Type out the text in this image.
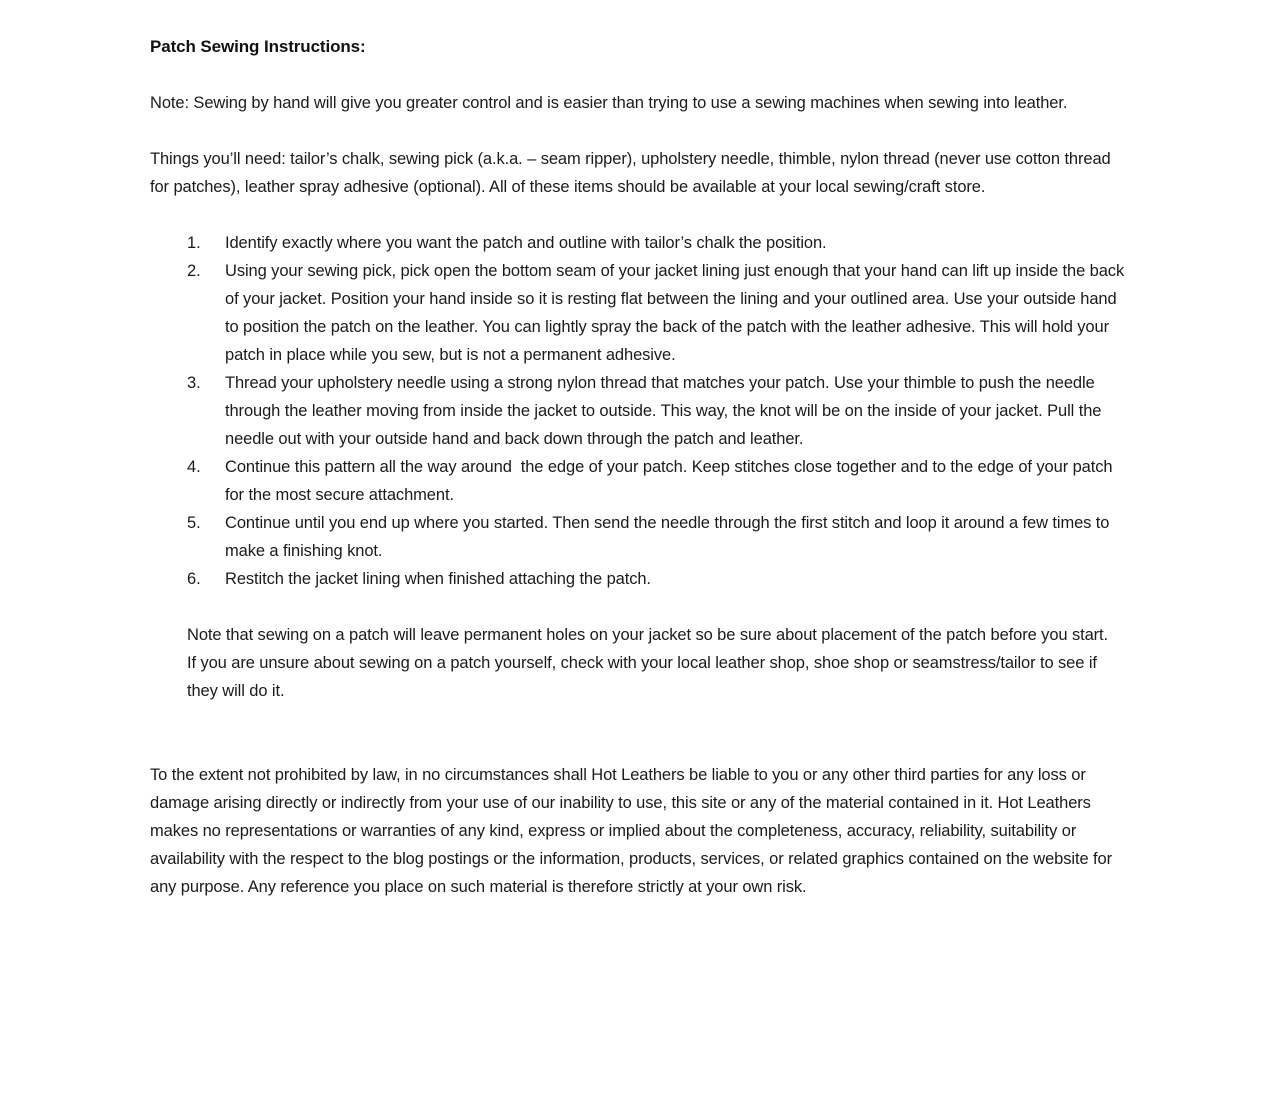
Patch Sewing Instructions:

Note: Sewing by hand will give you greater control and is easier than trying to use a sewing machines when sewing into leather.

Things you’ll need: tailor’s chalk, sewing pick (a.k.a. – seam ripper), upholstery needle, thimble, nylon thread (never use cotton thread for patches), leather spray adhesive (optional). All of these items should be available at your local sewing/craft store.

1.	Identify exactly where you want the patch and outline with tailor’s chalk the position.
2.	Using your sewing pick, pick open the bottom seam of your jacket lining just enough that your hand can lift up inside the back of your jacket. Position your hand inside so it is resting flat between the lining and your outlined area. Use your outside hand to position the patch on the leather. You can lightly spray the back of the patch with the leather adhesive. This will hold your patch in place while you sew, but is not a permanent adhesive.
3.	Thread your upholstery needle using a strong nylon thread that matches your patch. Use your thimble to push the needle through the leather moving from inside the jacket to outside. This way, the knot will be on the inside of your jacket. Pull the needle out with your outside hand and back down through the patch and leather.
4.	Continue this pattern all the way around  the edge of your patch. Keep stitches close together and to the edge of your patch for the most secure attachment.
5.	Continue until you end up where you started. Then send the needle through the first stitch and loop it around a few times to make a finishing knot.
6.	Restitch the jacket lining when finished attaching the patch.

Note that sewing on a patch will leave permanent holes on your jacket so be sure about placement of the patch before you start.

If you are unsure about sewing on a patch yourself, check with your local leather shop, shoe shop or seamstress/tailor to see if they will do it.

To the extent not prohibited by law, in no circumstances shall Hot Leathers be liable to you or any other third parties for any loss or damage arising directly or indirectly from your use of our inability to use, this site or any of the material contained in it. Hot Leathers makes no representations or warranties of any kind, express or implied about the completeness, accuracy, reliability, suitability or availability with the respect to the blog postings or the information, products, services, or related graphics contained on the website for any purpose. Any reference you place on such material is therefore strictly at your own risk.
